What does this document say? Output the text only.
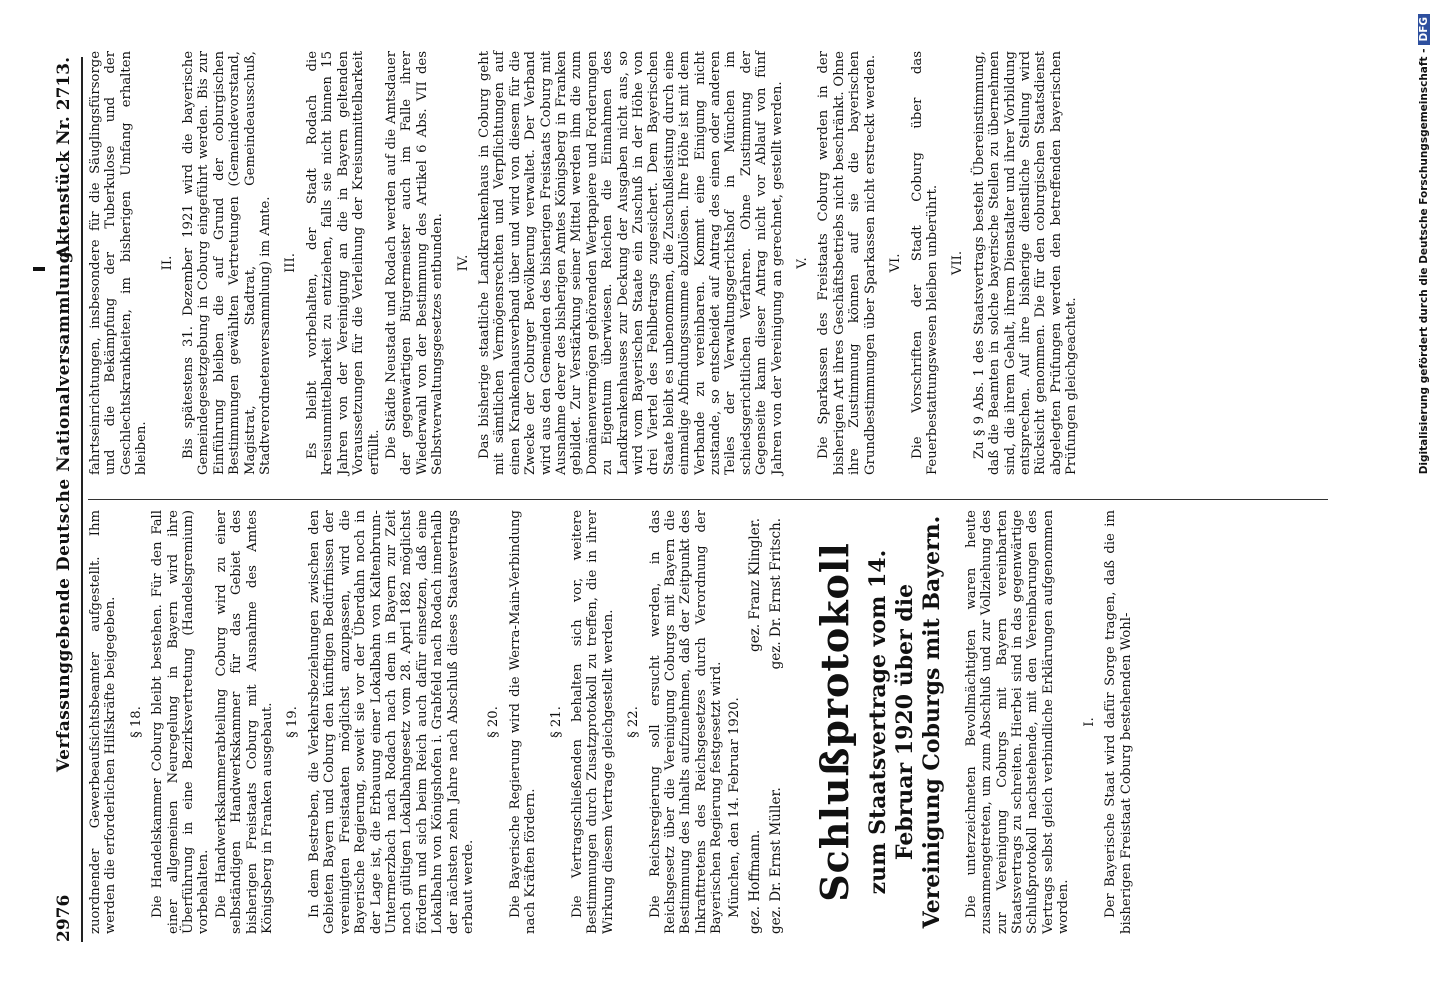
2976
Verfassunggebende Deutsche Nationalversammlung.
Aktenstück Nr. 2713.

zuordnender Gewerbeaufsichtsbeamter aufgestellt. Ihm werden die erforderlichen Hilfskräfte beigegeben. § 18. Die Handelskammer Coburg bleibt bestehen. Für den Fall einer allgemeinen Neuregelung in Bayern wird ihre Überführung in eine Bezirksvertretung (Handelsgremium) vorbehalten. Die Handwerkskammerabteilung Coburg wird zu einer selbständigen Handwerkskammer für das Gebiet des bisherigen Freistaats Coburg mit Ausnahme des Amtes Königsberg in Franken ausgebaut. § 19. In dem Bestreben, die Verkehrsbeziehungen zwischen den Gebieten Bayern und Coburg den künftigen Bedürfnissen der vereinigten Freistaaten möglichst anzupassen, wird die Bayerische Regierung, soweit sie vor der Überdahn noch in der Lage ist, die Erbauung einer Lokalbahn von Kaltenbrunn-Untermerzbach nach Rodach nach dem in Bayern zur Zeit noch gültigen Lokalbahngesetz vom 28. April 1882 möglichst fördern und sich beim Reich auch dafür einsetzen, daß eine Lokalbahn von Königshofen i. Grabfeld nach Rodach innerhalb der nächsten zehn Jahre nach Abschluß dieses Staatsvertrags erbaut werde.

§ 20. Die Bayerische Regierung wird die Werra-Main-Verbindung nach Kräften fördern.

§ 21. Die Vertragschließenden behalten sich vor, weitere Bestimmungen durch Zusatzprotokoll zu treffen, die in ihrer Wirkung diesem Vertrage gleichgestellt werden. § 22. Die Reichsregierung soll ersucht werden, in das Reichsgesetz über die Vereinigung Coburgs mit Bayern die Bestimmung des Inhalts aufzunehmen, daß der Zeitpunkt des Inkrafttretens des Reichsgesetzes durch Verordnung der Bayerischen Regierung festgesetzt wird. München, den 14. Februar 1920. gez. Hoffmann.
gez. Franz Klingler.
gez. Dr. Ernst Müller.
gez. Dr. Ernst Fritsch. Schlußprotokoll zum Staatsvertrage vom 14. Februar 1920 über die Vereinigung Coburgs mit Bayern. Die unterzeichneten Bevollmächtigten waren heute zusammengetreten, um zum Abschluß und zur Vollziehung des zur Vereinigung Coburgs mit Bayern vereinbarten Staatsvertrags zu schreiten. Hierbei sind in das gegenwärtige Schlußprotokoll nachstehende, mit den Vereinbarungen des Vertrags selbst gleich verbindliche Erklärungen aufgenommen worden.

I. Der Bayerische Staat wird dafür Sorge tragen, daß die im bisherigen Freistaat Coburg bestehenden Wohl-

fahrtseinrichtungen, insbesondere für die Säuglingsfürsorge und die Bekämpfung der Tuberkulose und der Geschlechtskrankheiten, im bisherigen Umfang erhalten bleiben.

II. Bis spätestens 31. Dezember 1921 wird die bayerische Gemeindegesetzgebung in Coburg eingeführt werden. Bis zur Einführung bleiben die auf Grund der coburgischen Bestimmungen gewählten Vertretungen (Gemeindevorstand, Magistrat, Stadtrat, Gemeindeausschuß, Stadtverordnetenversammlung) im Amte. III. Es bleibt vorbehalten, der Stadt Rodach die kreisunmittelbarkeit zu entziehen, falls sie nicht binnen 15 Jahren von der Vereinigung an die in Bayern geltenden Voraussetzungen für die Verleihung der Kreisunmittelbarkeit erfüllt. Die Städte Neustadt und Rodach werden auf die Amtsdauer der gegenwärtigen Bürgermeister auch im Falle ihrer Wiederwahl von der Bestimmung des Artikel 6 Abs. VII des Selbstverwaltungsgesetzes entbunden. IV. Das bisherige staatliche Landkrankenhaus in Coburg geht mit sämtlichen Vermögensrechten und Verpflichtungen auf einen Krankenhausverband über und wird von diesem für die Zwecke der Coburger Bevölkerung verwaltet. Der Verband wird aus den Gemeinden des bisherigen Freistaats Coburg mit Ausnahme derer des bisherigen Amtes Königsberg in Franken gebildet. Zur Verstärkung seiner Mittel werden ihm die zum Domänenvermögen gehörenden Wertpapiere und Forderungen zu Eigentum überwiesen. Reichen die Einnahmen des Landkrankenhauses zur Deckung der Ausgaben nicht aus, so wird vom Bayerischen Staate ein Zuschuß in der Höhe von drei Viertel des Fehlbetrags zugesichert. Dem Bayerischen Staate bleibt es unbenommen, die Zuschußleistung durch eine einmalige Abfindungssumme abzulösen. Ihre Höhe ist mit dem Verbande zu vereinbaren. Kommt eine Einigung nicht zustande, so entscheidet auf Antrag des einen oder anderen Teiles der Verwaltungsgerichtshof in München im schiedsgerichtlichen Verfahren. Ohne Zustimmung der Gegenseite kann dieser Antrag nicht vor Ablauf von fünf Jahren von der Vereinigung an gerechnet, gestellt werden. V. Die Sparkassen des Freistaats Coburg werden in der bisherigen Art ihres Geschäftsbetriebs nicht beschränkt. Ohne ihre Zustimmung können auf sie die bayerischen Grundbestimmungen über Sparkassen nicht erstreckt werden. VI. Die Vorschriften der Stadt Coburg über das Feuerbestattungswesen bleiben unberührt. VII. Zu § 9 Abs. 1 des Staatsvertrags besteht Übereinstimmung, daß die Beamten in solche bayerische Stellen zu übernehmen sind, die ihrem Gehalt, ihrem Dienstalter und ihrer Vorbildung entsprechen. Auf ihre bisherige dienstliche Stellung wird Rücksicht genommen. Die für den coburgischen Staatsdienst abgelegten Prüfungen werden den betreffenden bayerischen Prüfungen gleichgeachtet.	Digitalisierung gefördert durch die Deutsche Forschungsgemeinschaft -DFG
